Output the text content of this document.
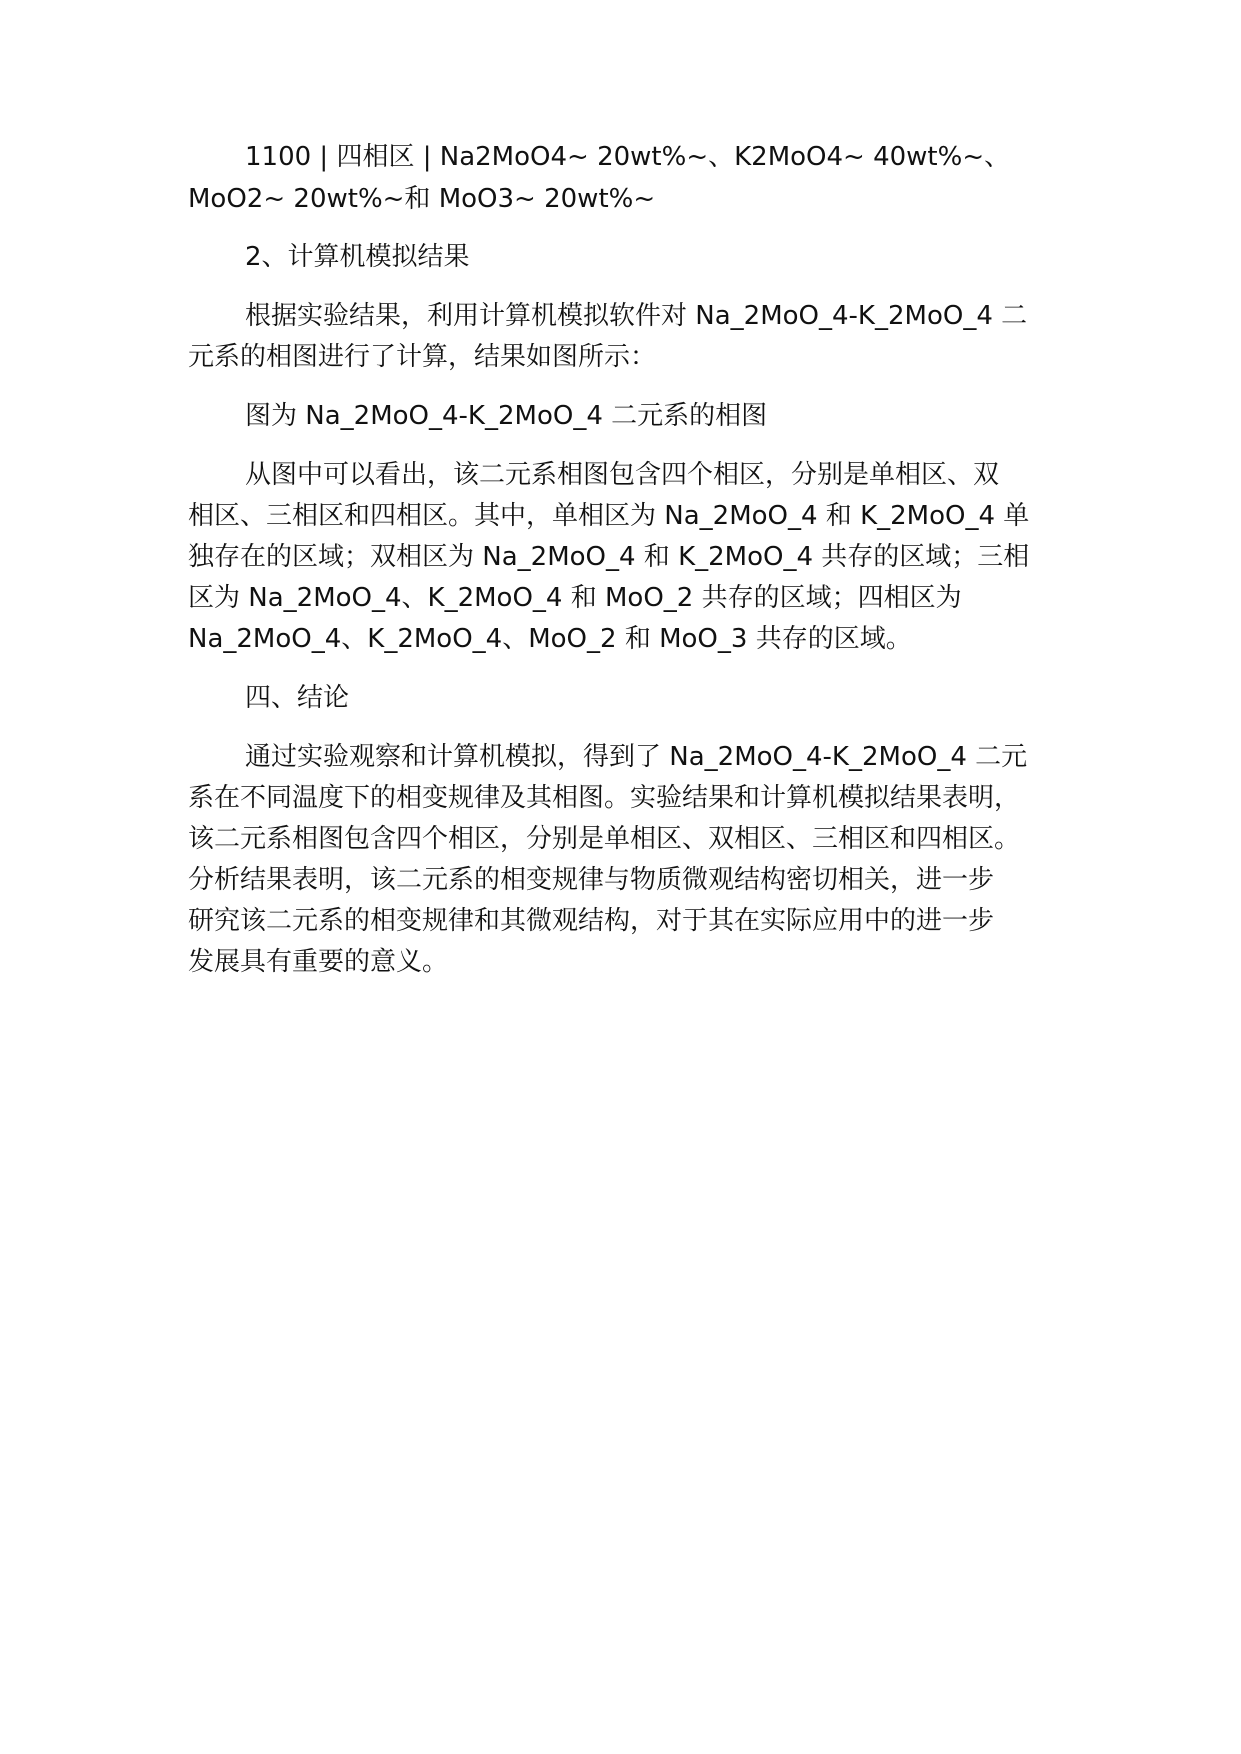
1100 | 四相区 | Na2MoO4~ 20wt%~、K2MoO4~ 40wt%~、

MoO2~ 20wt%~和 MoO3~ 20wt%~

2、计算机模拟结果

根据实验结果，利用计算机模拟软件对 Na_2MoO_4-K_2MoO_4 二

元系的相图进行了计算，结果如图所示：

图为 Na_2MoO_4-K_2MoO_4 二元系的相图

从图中可以看出，该二元系相图包含四个相区，分别是单相区、双

相区、三相区和四相区。其中，单相区为 Na_2MoO_4 和 K_2MoO_4 单

独存在的区域；双相区为 Na_2MoO_4 和 K_2MoO_4 共存的区域；三相

区为 Na_2MoO_4、K_2MoO_4 和 MoO_2 共存的区域；四相区为

Na_2MoO_4、K_2MoO_4、MoO_2 和 MoO_3 共存的区域。

四、结论

通过实验观察和计算机模拟，得到了 Na_2MoO_4-K_2MoO_4 二元

系在不同温度下的相变规律及其相图。实验结果和计算机模拟结果表明，

该二元系相图包含四个相区，分别是单相区、双相区、三相区和四相区。

分析结果表明，该二元系的相变规律与物质微观结构密切相关，进一步

研究该二元系的相变规律和其微观结构，对于其在实际应用中的进一步

发展具有重要的意义。
